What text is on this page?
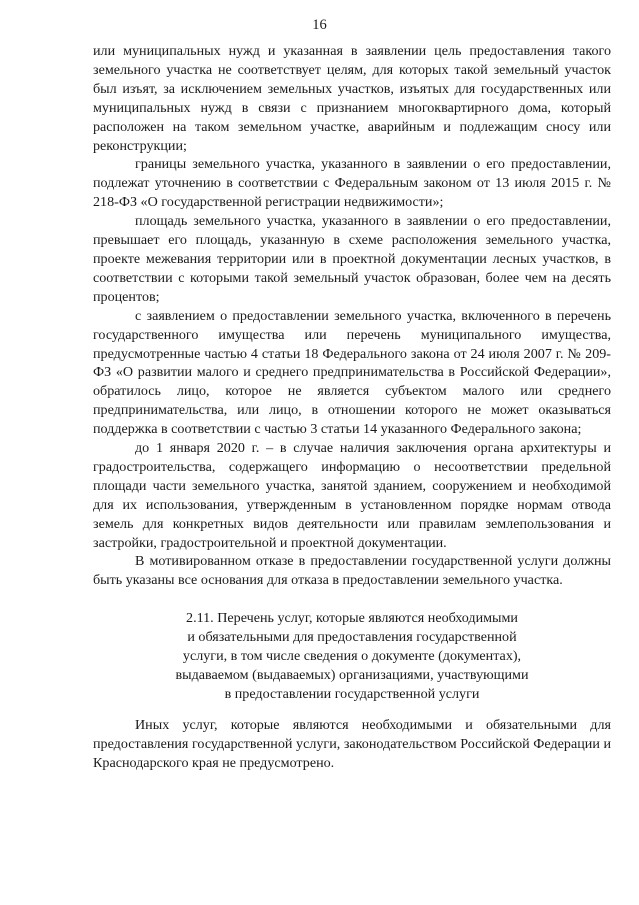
16

или муниципальных нужд и указанная в заявлении цель предоставления такого земельного участка не соответствует целям, для которых такой земельный участок был изъят, за исключением земельных участков, изъятых для государственных или муниципальных нужд в связи с признанием многоквартирного дома, который расположен на таком земельном участке, аварийным и подлежащим сносу или реконструкции;

границы земельного участка, указанного в заявлении о его предоставлении, подлежат уточнению в соответствии с Федеральным законом от 13 июля 2015 г. № 218-ФЗ «О государственной регистрации недвижимости»;

площадь земельного участка, указанного в заявлении о его предоставлении, превышает его площадь, указанную в схеме расположения земельного участка, проекте межевания территории или в проектной документации лесных участков, в соответствии с которыми такой земельный участок образован, более чем на десять процентов;

с заявлением о предоставлении земельного участка, включенного в перечень государственного имущества или перечень муниципального имущества, предусмотренные частью 4 статьи 18 Федерального закона от 24 июля 2007 г. № 209-ФЗ «О развитии малого и среднего предпринимательства в Российской Федерации», обратилось лицо, которое не является субъектом малого или среднего предпринимательства, или лицо, в отношении которого не может оказываться поддержка в соответствии с частью 3 статьи 14 указанного Федерального закона;

до 1 января 2020 г. – в случае наличия заключения органа архитектуры и градостроительства, содержащего информацию о несоответствии предельной площади части земельного участка, занятой зданием, сооружением и необходимой для их использования, утвержденным в установленном порядке нормам отвода земель для конкретных видов деятельности или правилам землепользования и застройки, градостроительной и проектной документации.

В мотивированном отказе в предоставлении государственной услуги должны быть указаны все основания для отказа в предоставлении земельного участка.

2.11. Перечень услуг, которые являются необходимыми
и обязательными для предоставления государственной
услуги, в том числе сведения о документе (документах),
выдаваемом (выдаваемых) организациями, участвующими
в предоставлении государственной услуги

Иных услуг, которые являются необходимыми и обязательными для предоставления государственной услуги, законодательством Российской Федерации и Краснодарского края не предусмотрено.
